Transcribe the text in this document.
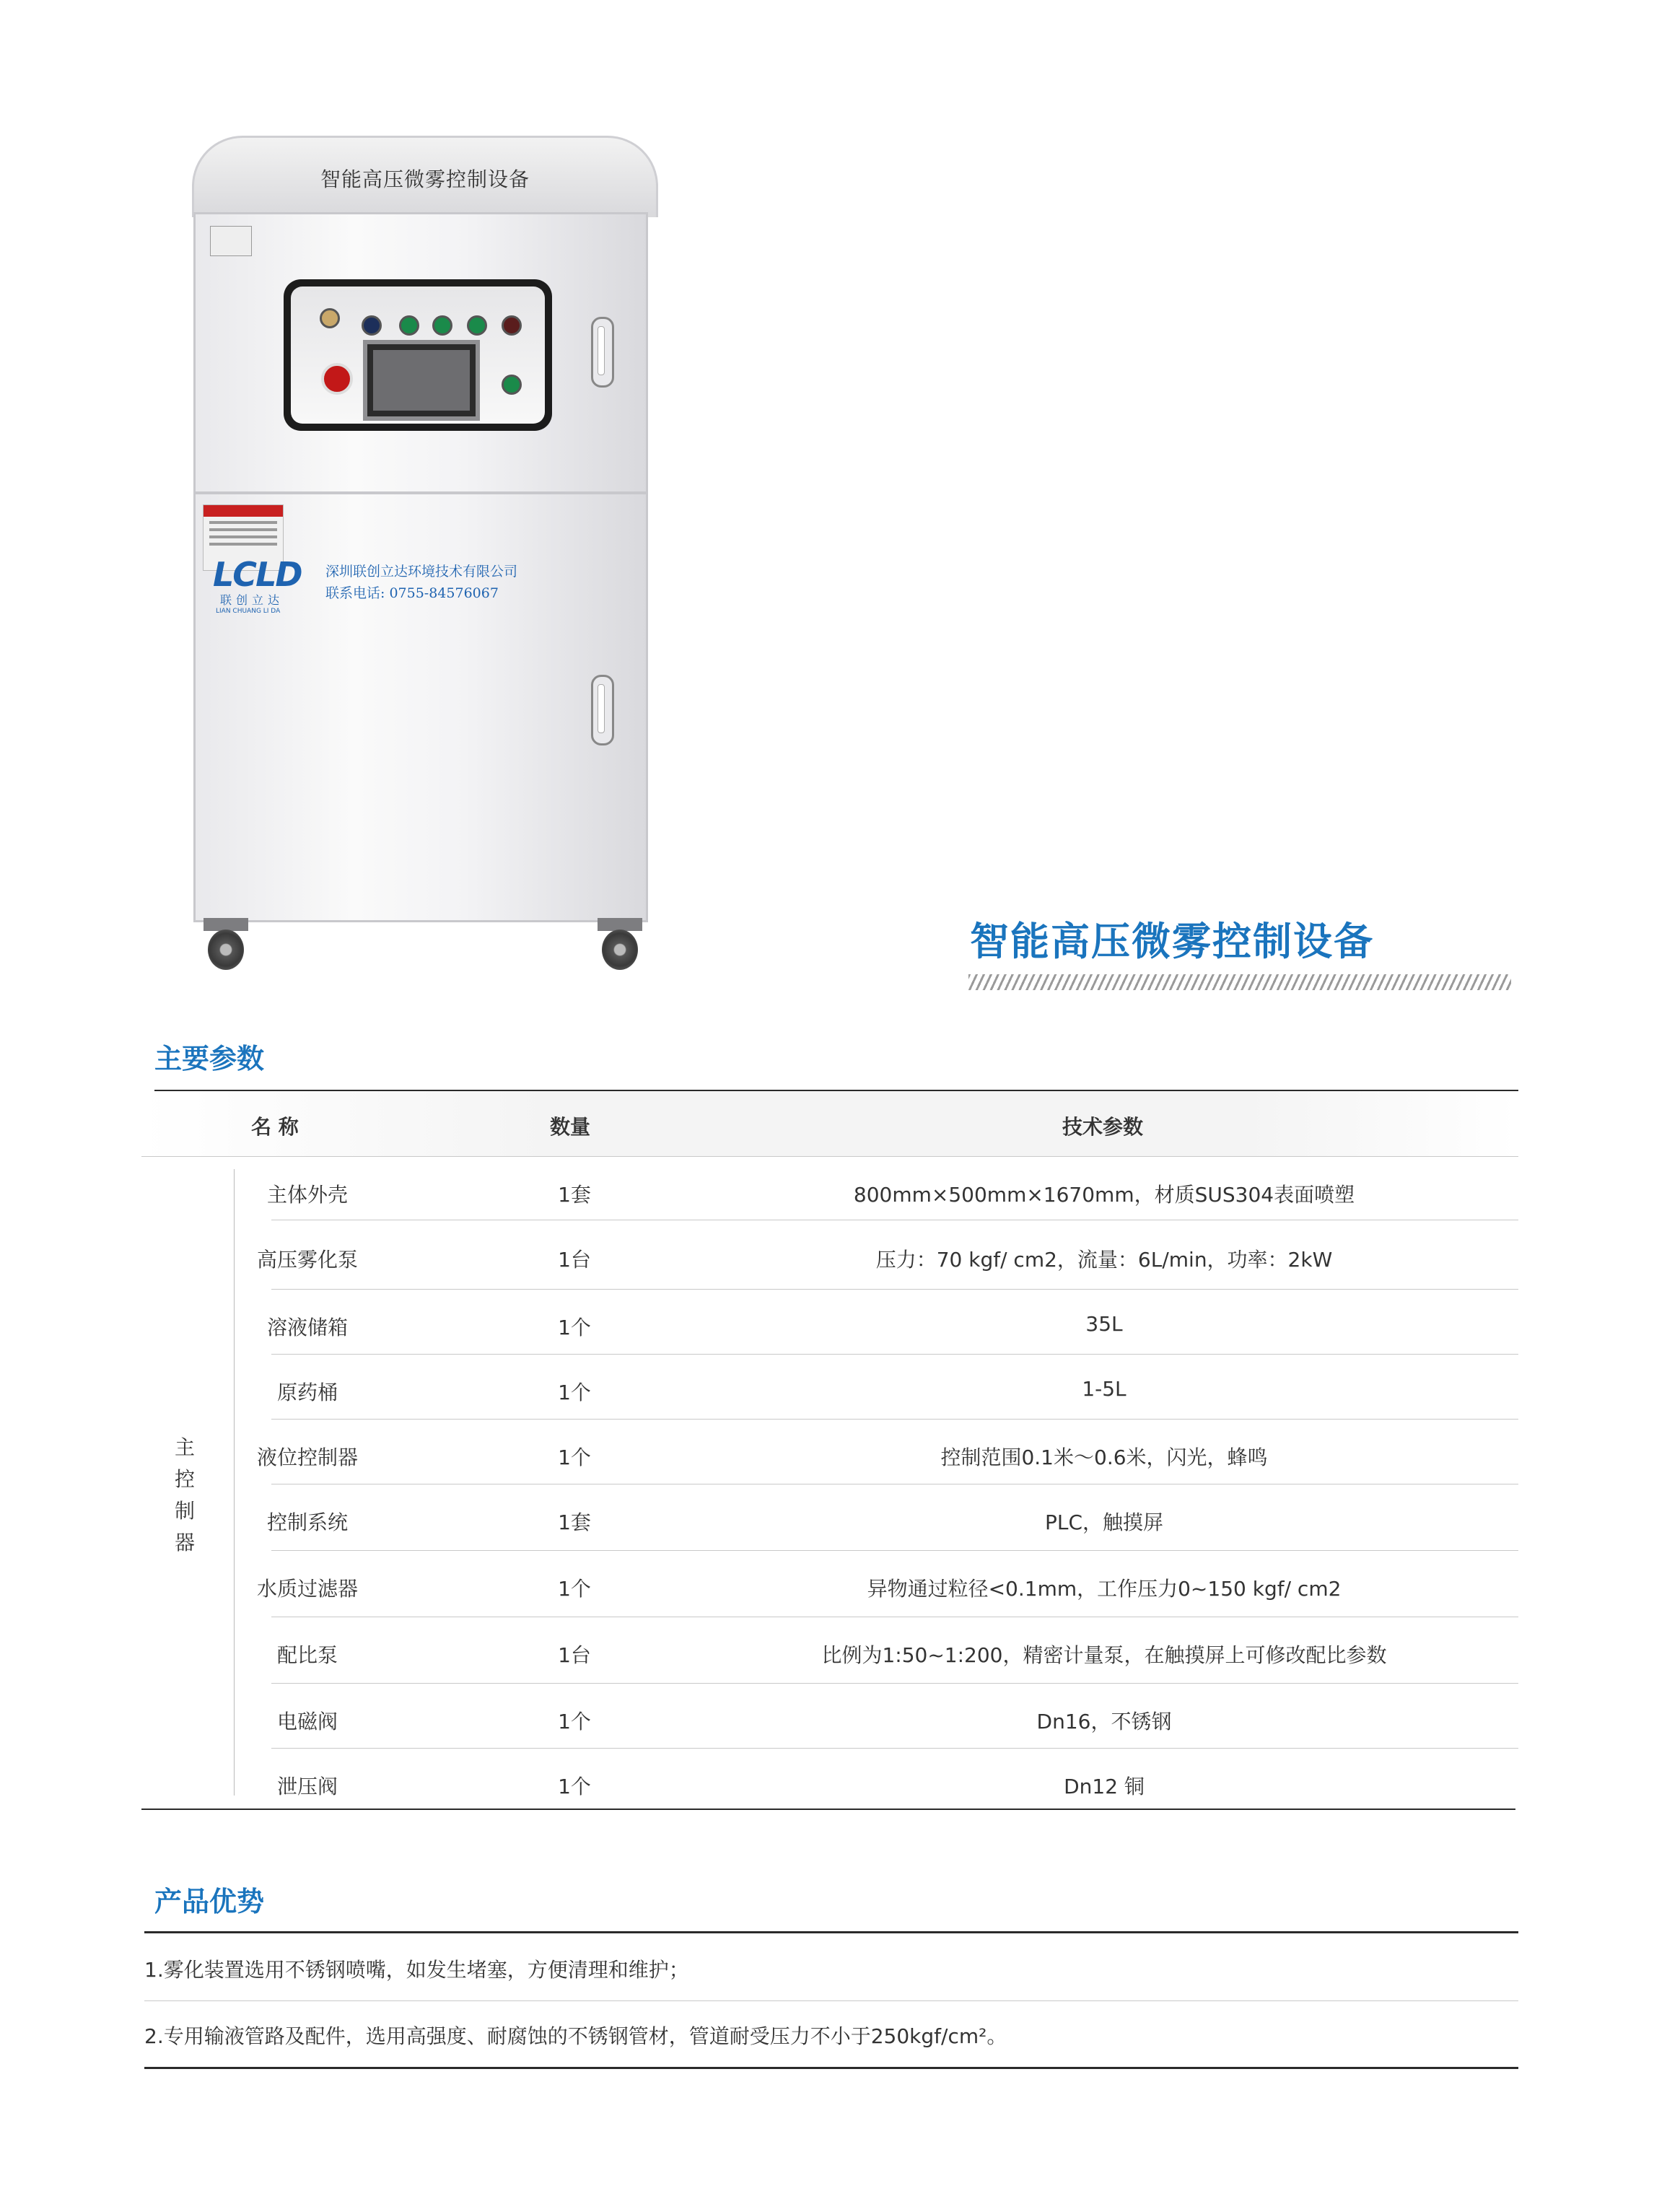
智能高压微雾控制设备
LCLD
联创立达
LIAN CHUANG LI DA
深圳联创立达环境技术有限公司
联系电话: 0755-84576067
智能高压微雾控制设备
主要参数
名 称	数量	技术参数
主
控
制
器
主体外壳	1套	800mm×500mm×1670mm，材质SUS304表面喷塑
高压雾化泵	1台	压力：70 kgf/ cm2，流量：6L/min，功率：2kW
溶液储箱	1个	35L
原药桶	1个	1-5L
液位控制器	1个	控制范围0.1米～0.6米，闪光，蜂鸣
控制系统	1套	PLC，触摸屏
水质过滤器	1个	异物通过粒径<0.1mm，工作压力0~150 kgf/ cm2
配比泵	1台	比例为1:50~1:200，精密计量泵，在触摸屏上可修改配比参数
电磁阀	1个	Dn16，不锈钢
泄压阀	1个	Dn12 铜
产品优势
1.雾化装置选用不锈钢喷嘴，如发生堵塞，方便清理和维护；
2.专用输液管路及配件，选用高强度、耐腐蚀的不锈钢管材，管道耐受压力不小于250kgf/cm²。
